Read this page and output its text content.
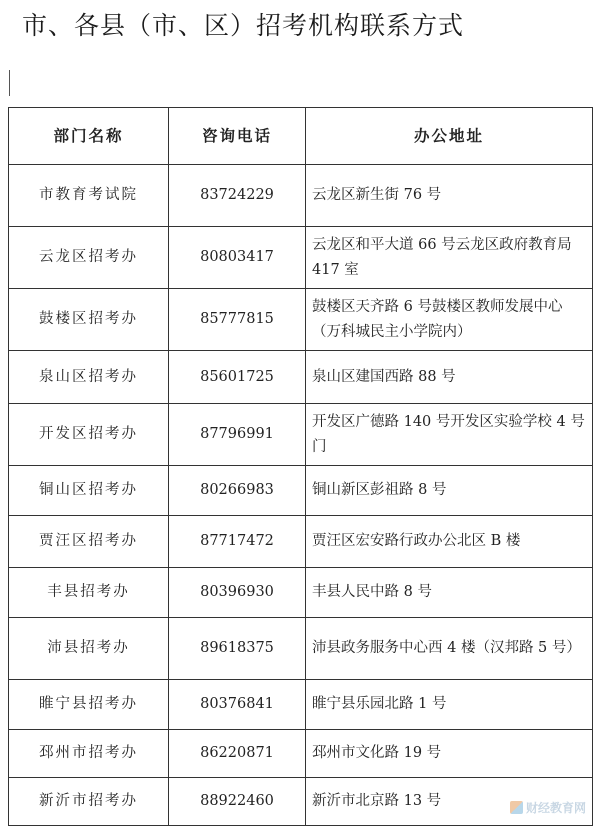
市、各县（市、区）招考机构联系方式
部门名称	咨询电话	办公地址
市教育考试院	83724229	云龙区新生街 76 号
云龙区招考办	80803417	云龙区和平大道 66 号云龙区政府教育局 417 室
鼓楼区招考办	85777815	鼓楼区天齐路 6 号鼓楼区教师发展中心（万科城民主小学院内）
泉山区招考办	85601725	泉山区建国西路 88 号
开发区招考办	87796991	开发区广德路 140 号开发区实验学校 4 号门
铜山区招考办	80266983	铜山新区彭祖路 8 号
贾汪区招考办	87717472	贾汪区宏安路行政办公北区 B 楼
丰县招考办	80396930	丰县人民中路 8 号
沛县招考办	89618375	沛县政务服务中心西 4 楼（汉邦路 5 号）
睢宁县招考办	80376841	睢宁县乐园北路 1 号
邳州市招考办	86220871	邳州市文化路 19 号
新沂市招考办	88922460	新沂市北京路 13 号	财经教育网
